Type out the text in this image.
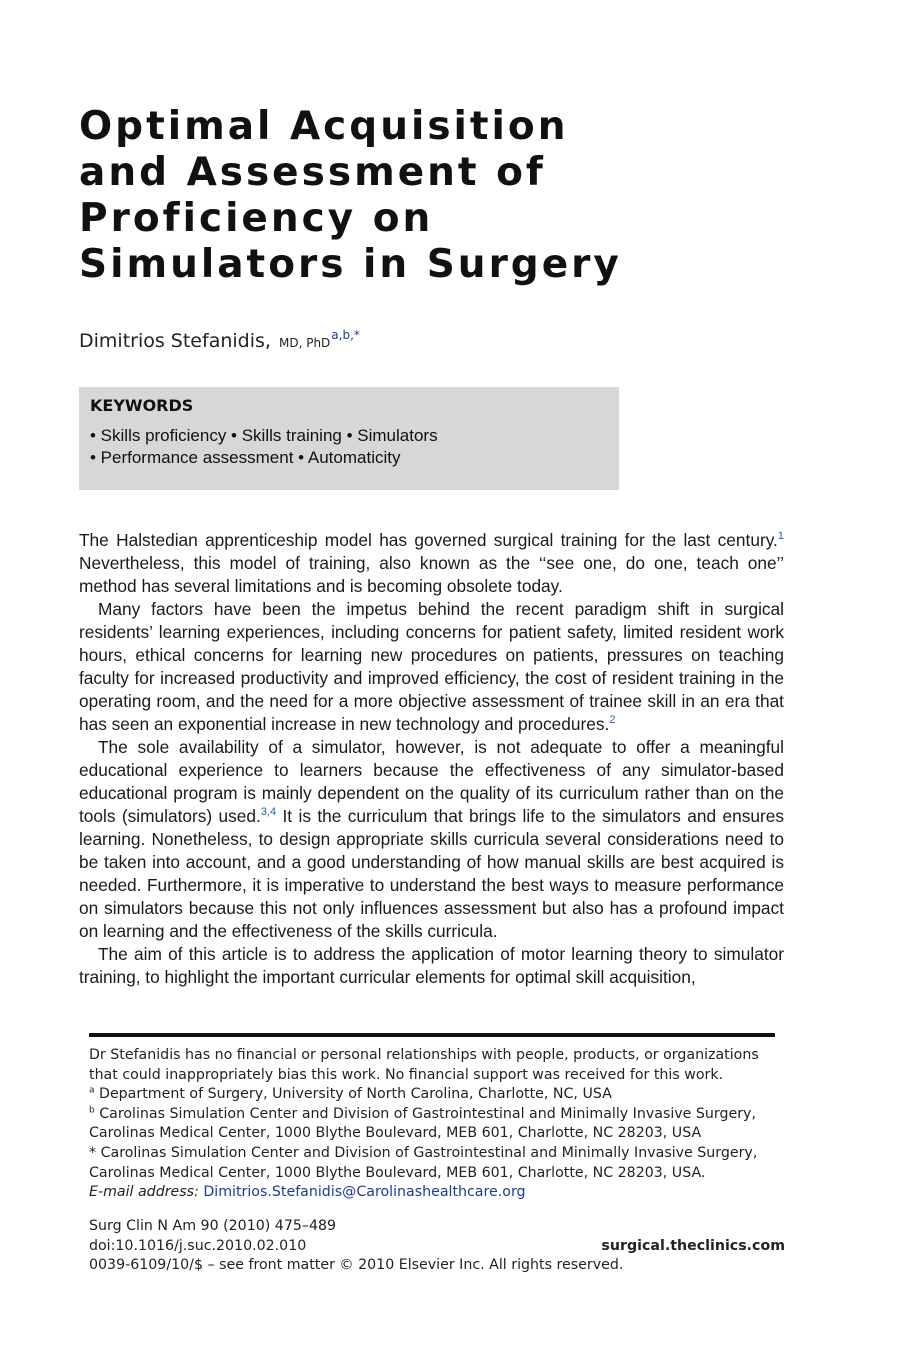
Optimal Acquisition
and Assessment of
Proficiency on
Simulators in Surgery
Dimitrios Stefanidis, MD, PhD$^{a,b,*}$
KEYWORDS
• Skills proficiency • Skills training • Simulators
• Performance assessment • Automaticity

The Halstedian apprenticeship model has governed surgical training for the last century.$^1$ Nevertheless, this model of training, also known as the ‘‘see one, do one, teach one’’ method has several limitations and is becoming obsolete today.

Many factors have been the impetus behind the recent paradigm shift in surgical residents’ learning experiences, including concerns for patient safety, limited resident work hours, ethical concerns for learning new procedures on patients, pressures on teaching faculty for increased productivity and improved efficiency, the cost of resident training in the operating room, and the need for a more objective assessment of trainee skill in an era that has seen an exponential increase in new technology and procedures.$^2$

The sole availability of a simulator, however, is not adequate to offer a meaningful educational experience to learners because the effectiveness of any simulator-based educational program is mainly dependent on the quality of its curriculum rather than on the tools (simulators) used.$^{3,4}$ It is the curriculum that brings life to the simulators and ensures learning. Nonetheless, to design appropriate skills curricula several considerations need to be taken into account, and a good understanding of how manual skills are best acquired is needed. Furthermore, it is imperative to understand the best ways to measure performance on simulators because this not only influences assessment but also has a profound impact on learning and the effectiveness of the skills curricula.

The aim of this article is to address the application of motor learning theory to simulator training, to highlight the important curricular elements for optimal skill acquisition,

Dr Stefanidis has no financial or personal relationships with people, products, or organizations
that could inappropriately bias this work. No financial support was received for this work.
$^a$ Department of Surgery, University of North Carolina, Charlotte, NC, USA
$^b$ Carolinas Simulation Center and Division of Gastrointestinal and Minimally Invasive Surgery,
Carolinas Medical Center, 1000 Blythe Boulevard, MEB 601, Charlotte, NC 28203, USA
* Carolinas Simulation Center and Division of Gastrointestinal and Minimally Invasive Surgery,
Carolinas Medical Center, 1000 Blythe Boulevard, MEB 601, Charlotte, NC 28203, USA.
E-mail address: Dimitrios.Stefanidis@Carolinashealthcare.org
Surg Clin N Am 90 (2010) 475–489
doi:10.1016/j.suc.2010.02.010	surgical.theclinics.com
0039-6109/10/$ – see front matter © 2010 Elsevier Inc. All rights reserved.
